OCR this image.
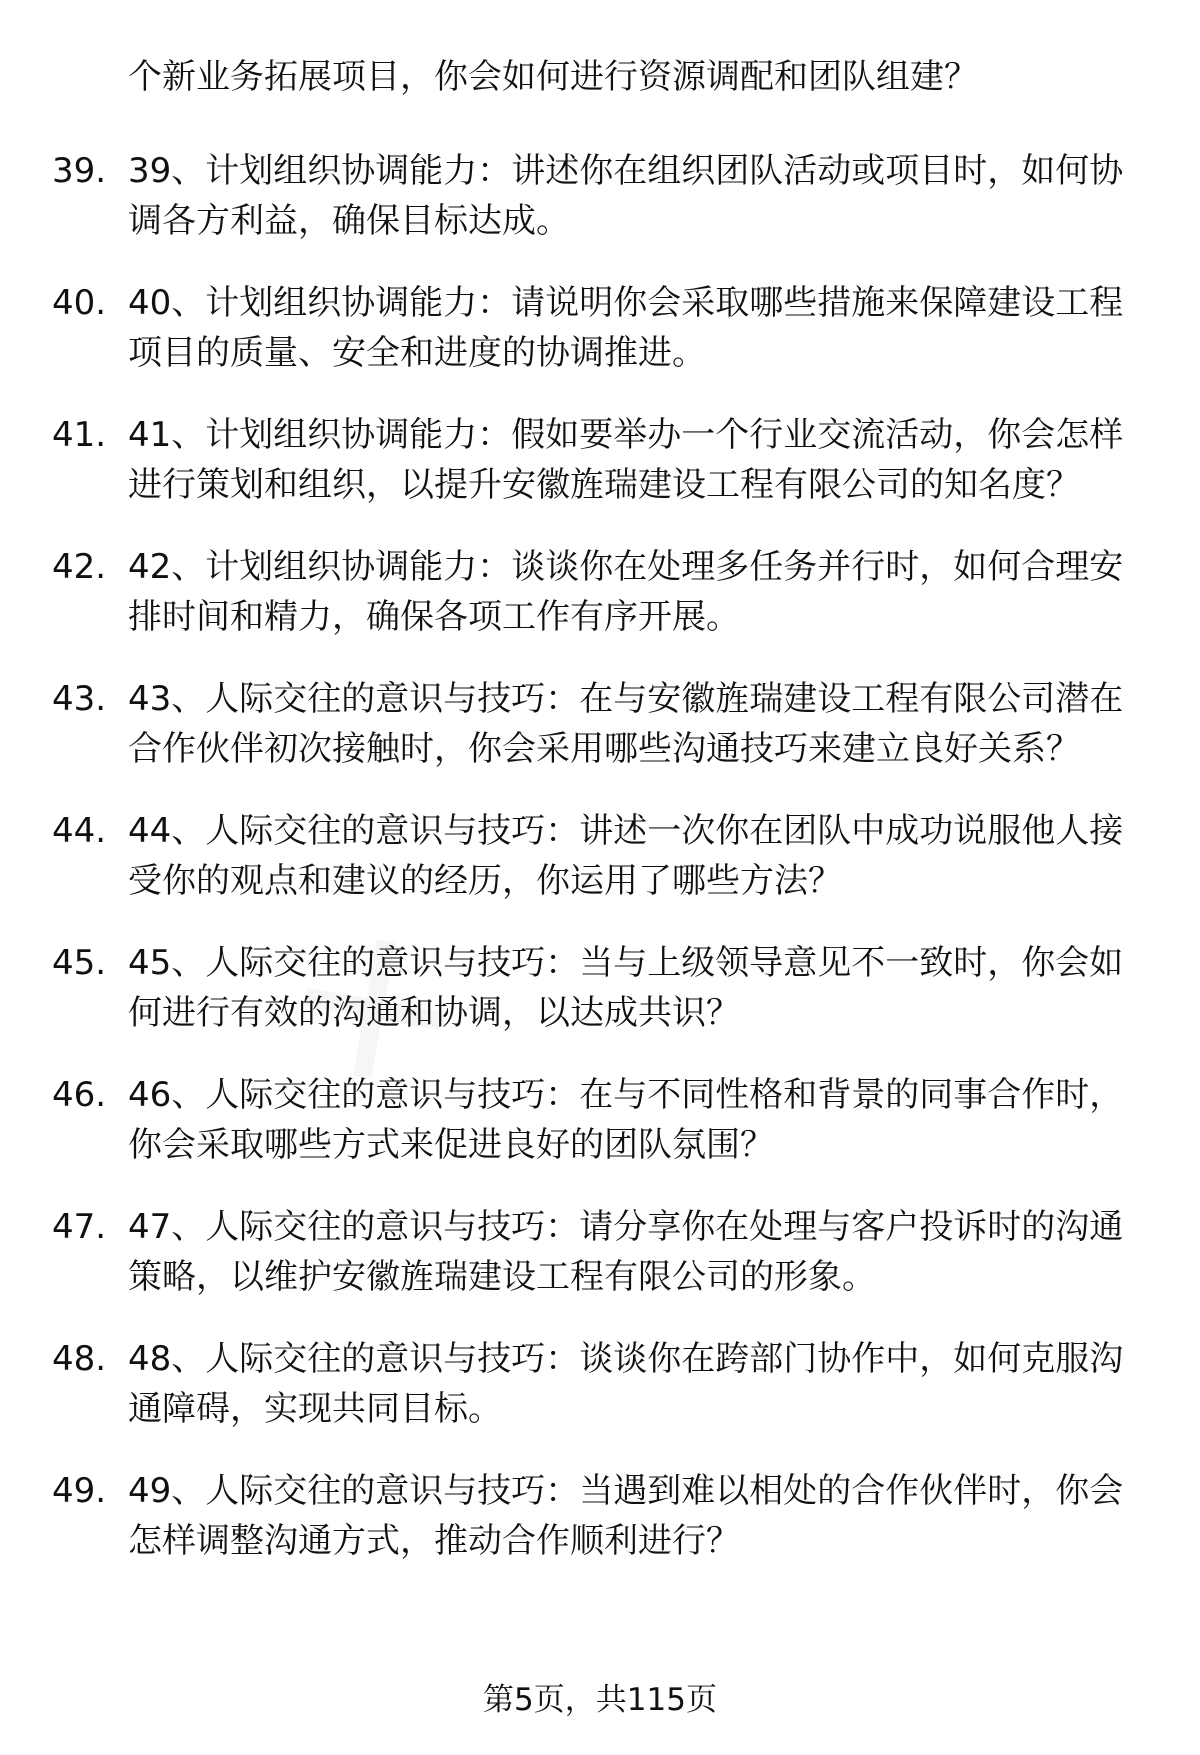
个新业务拓展项目，你会如何进行资源调配和团队组建？
39. 39、计划组织协调能力：讲述你在组织团队活动或项目时，如何协调各方利益，确保目标达成。
40. 40、计划组织协调能力：请说明你会采取哪些措施来保障建设工程项目的质量、安全和进度的协调推进。
41. 41、计划组织协调能力：假如要举办一个行业交流活动，你会怎样进行策划和组织，以提升安徽旌瑞建设工程有限公司的知名度？
42. 42、计划组织协调能力：谈谈你在处理多任务并行时，如何合理安排时间和精力，确保各项工作有序开展。
43. 43、人际交往的意识与技巧：在与安徽旌瑞建设工程有限公司潜在合作伙伴初次接触时，你会采用哪些沟通技巧来建立良好关系？
44. 44、人际交往的意识与技巧：讲述一次你在团队中成功说服他人接受你的观点和建议的经历，你运用了哪些方法？
45. 45、人际交往的意识与技巧：当与上级领导意见不一致时，你会如何进行有效的沟通和协调，以达成共识？
46. 46、人际交往的意识与技巧：在与不同性格和背景的同事合作时，你会采取哪些方式来促进良好的团队氛围？
47. 47、人际交往的意识与技巧：请分享你在处理与客户投诉时的沟通策略，以维护安徽旌瑞建设工程有限公司的形象。
48. 48、人际交往的意识与技巧：谈谈你在跨部门协作中，如何克服沟通障碍，实现共同目标。
49. 49、人际交往的意识与技巧：当遇到难以相处的合作伙伴时，你会怎样调整沟通方式，推动合作顺利进行？
第5页，共115页
